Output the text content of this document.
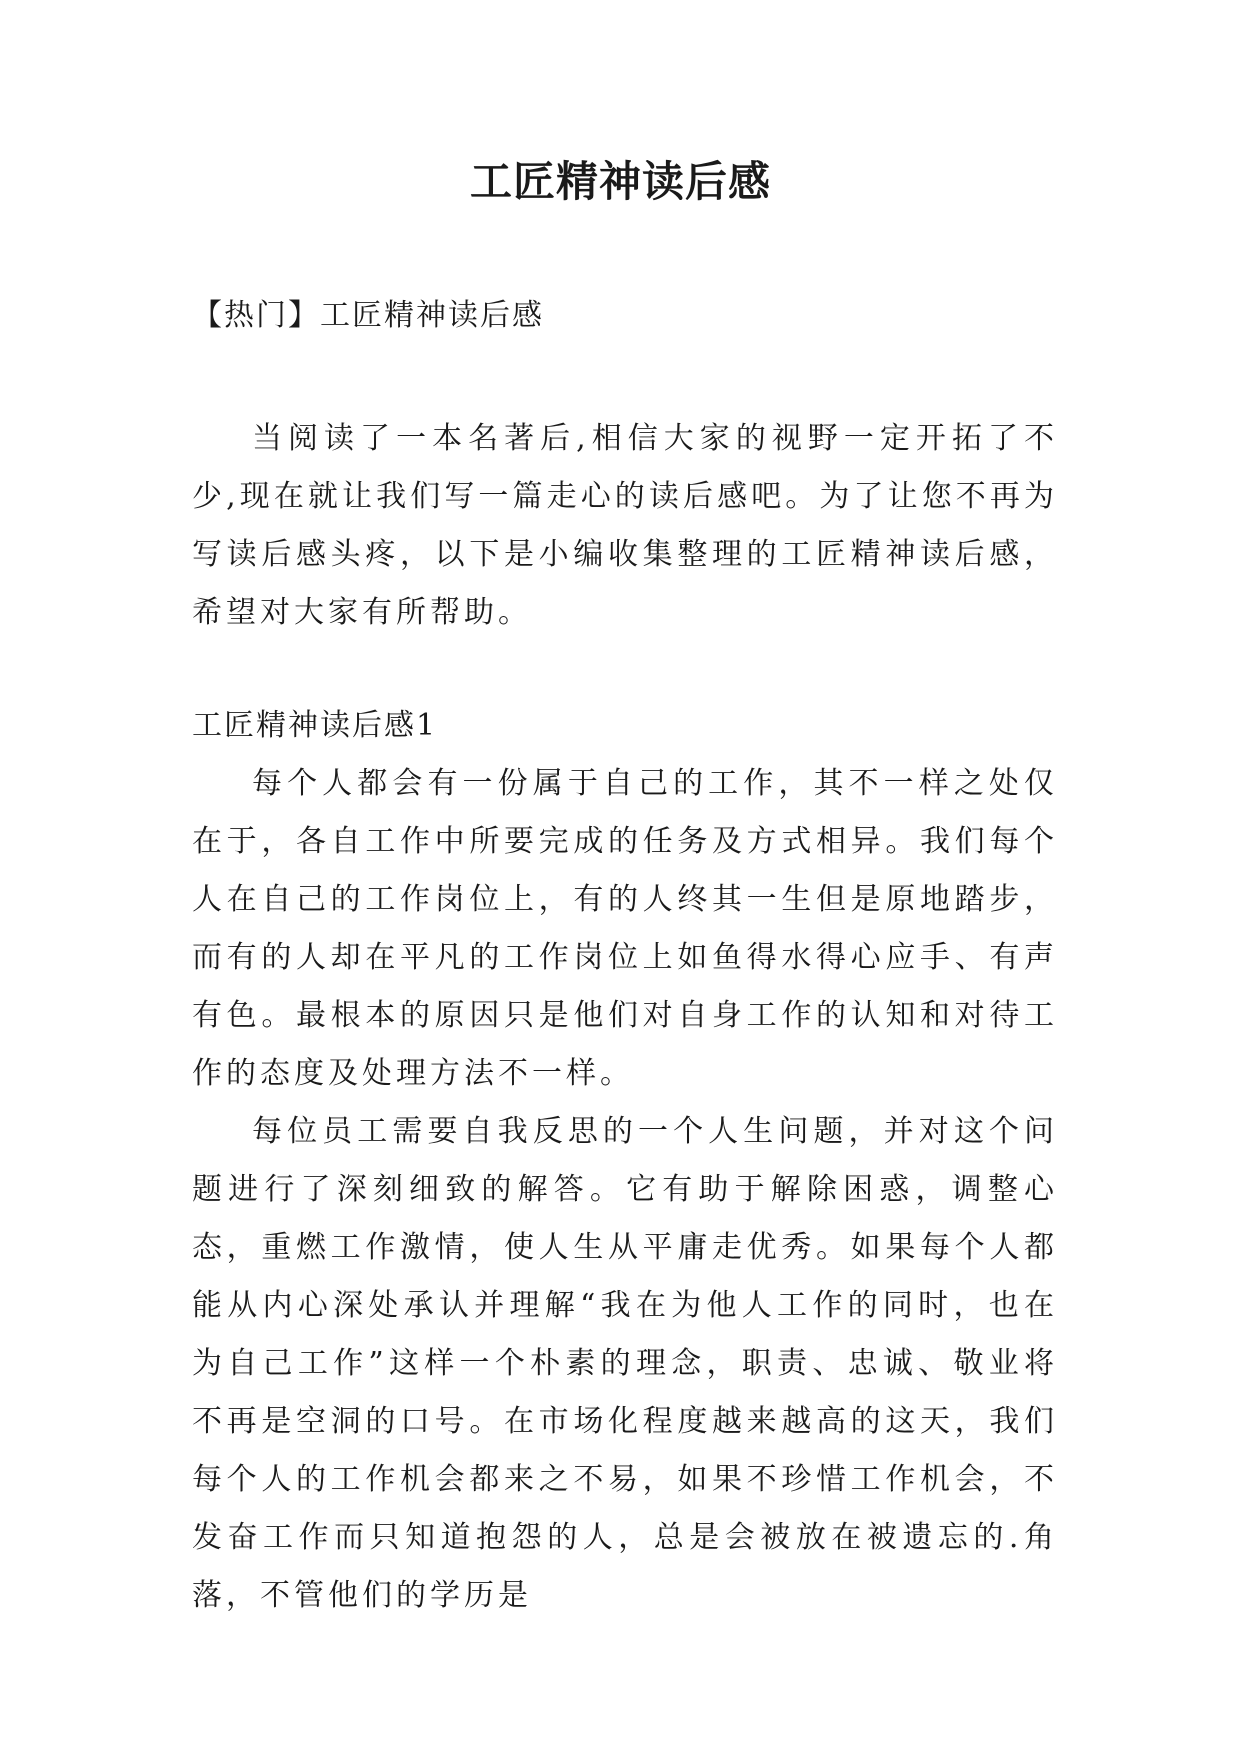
工匠精神读后感
【热门】工匠精神读后感

当阅读了一本名著后,相信大家的视野一定开拓了不少,现在就让我们写一篇走心的读后感吧。为了让您不再为写读后感头疼，以下是小编收集整理的工匠精神读后感，希望对大家有所帮助。

工匠精神读后感1

每个人都会有一份属于自己的工作，其不一样之处仅在于，各自工作中所要完成的任务及方式相异。我们每个人在自己的工作岗位上，有的人终其一生但是原地踏步，而有的人却在平凡的工作岗位上如鱼得水得心应手、有声有色。最根本的原因只是他们对自身工作的认知和对待工作的态度及处理方法不一样。

每位员工需要自我反思的一个人生问题，并对这个问题进行了深刻细致的解答。它有助于解除困惑，调整心态，重燃工作激情，使人生从平庸走优秀。如果每个人都能从内心深处承认并理解“我在为他人工作的同时，也在为自己工作”这样一个朴素的理念，职责、忠诚、敬业将不再是空洞的口号。在市场化程度越来越高的这天，我们每个人的工作机会都来之不易，如果不珍惜工作机会，不发奋工作而只知道抱怨的人，总是会被放在被遗忘的.角落，不管他们的学历是
